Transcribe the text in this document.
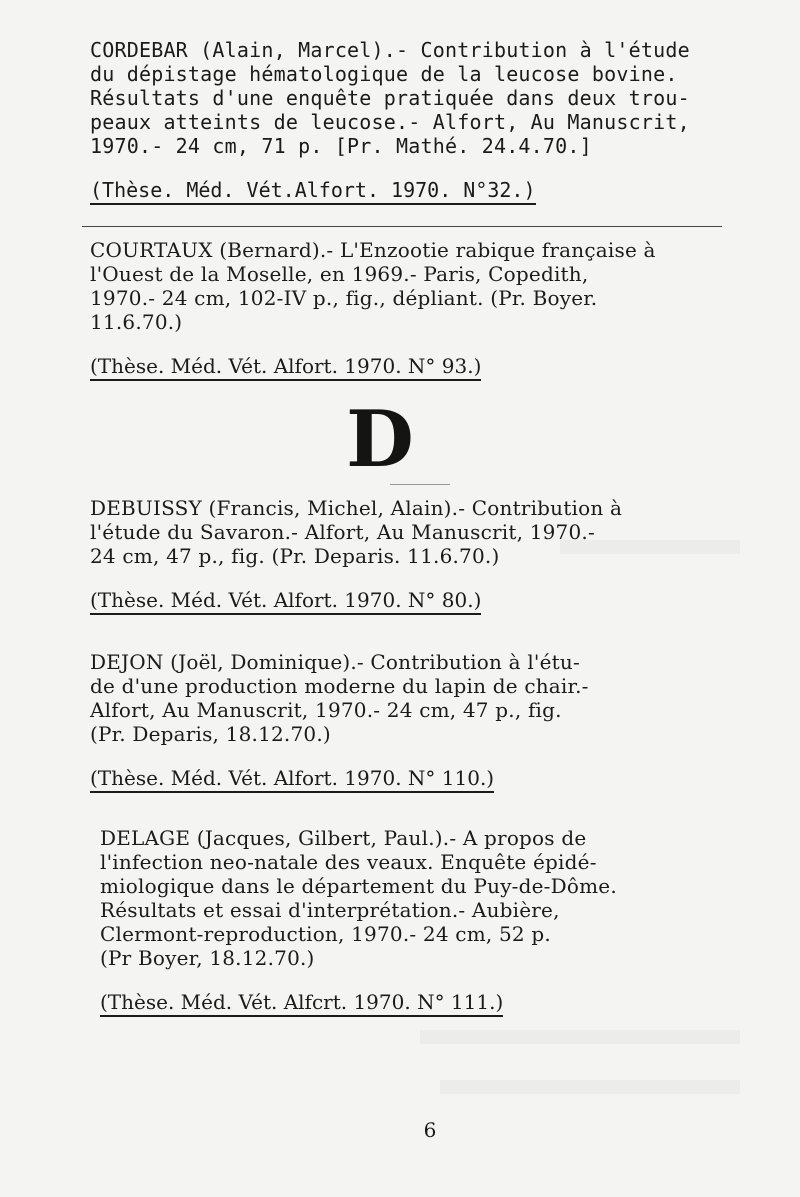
CORDEBAR (Alain, Marcel).- Contribution à l'étude
du dépistage hématologique de la leucose bovine.
Résultats d'une enquête pratiquée dans deux trou-
peaux atteints de leucose.- Alfort, Au Manuscrit,
1970.- 24 cm, 71 p. [Pr. Mathé. 24.4.70.]
(Thèse. Méd. Vét.Alfort. 1970. N°32.)
COURTAUX (Bernard).- L'Enzootie rabique française à
l'Ouest de la Moselle, en 1969.- Paris, Copedith,
1970.- 24 cm, 102-IV p., fig., dépliant. (Pr. Boyer.
11.6.70.)
(Thèse. Méd. Vét. Alfort. 1970. N° 93.)
D
DEBUISSY (Francis, Michel, Alain).- Contribution à
l'étude du Savaron.- Alfort, Au Manuscrit, 1970.-
24 cm, 47 p., fig. (Pr. Deparis. 11.6.70.)
(Thèse. Méd. Vét. Alfort. 1970. N° 80.)
DEJON (Joël, Dominique).- Contribution à l'étu-
de d'une production moderne du lapin de chair.-
Alfort, Au Manuscrit, 1970.- 24 cm, 47 p., fig.
(Pr. Deparis, 18.12.70.)
(Thèse. Méd. Vét. Alfort. 1970. N° 110.)
DELAGE (Jacques, Gilbert, Paul.).- A propos de
l'infection neo-natale des veaux. Enquête épidé-
miologique dans le département du Puy-de-Dôme.
Résultats et essai d'interprétation.- Aubière,
Clermont-reproduction, 1970.- 24 cm, 52 p.
(Pr Boyer, 18.12.70.)
(Thèse. Méd. Vét. Alfcrt. 1970. N° 111.)
6
